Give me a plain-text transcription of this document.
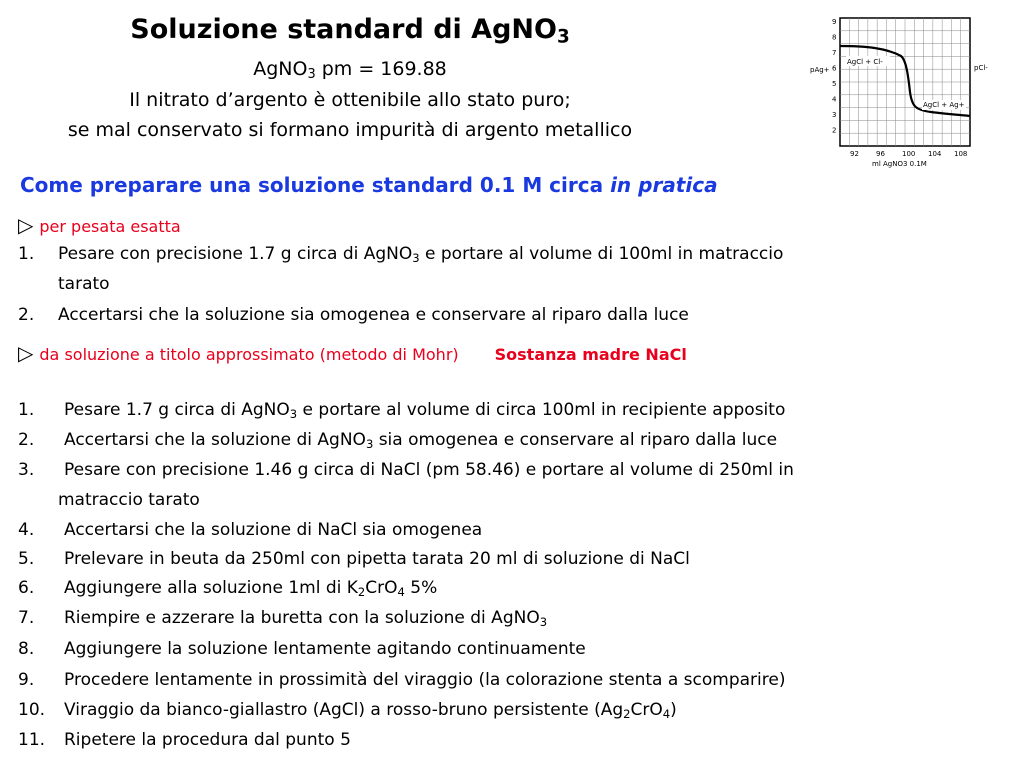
Soluzione standard di AgNO$_3$
AgNO$_3$ pm = 169.88
Il nitrato d’argento è ottenibile allo stato puro;
se mal conservato si formano impurità di argento metallico
9
8
7
6
5
4
3
2
92 96 100 104 108
AgCl + Cl-
AgCl + Ag+
pAg+	pCl-
ml AgNO3 0.1M
Come preparare una soluzione standard 0.1 M circa in pratica
▷ per pesata esatta
1. Pesare con precisione 1.7 g circa di AgNO$_3$ e portare al volume di 100ml in matraccio
tarato
2. Accertarsi che la soluzione sia omogenea e conservare al riparo dalla luce
▷ da soluzione a titolo approssimato (metodo di Mohr) Sostanza madre NaCl
1. Pesare 1.7 g circa di AgNO$_3$ e portare al volume di circa 100ml in recipiente apposito
2. Accertarsi che la soluzione di AgNO$_3$ sia omogenea e conservare al riparo dalla luce
3. Pesare con precisione 1.46 g circa di NaCl (pm 58.46) e portare al volume di 250ml in
matraccio tarato
4. Accertarsi che la soluzione di NaCl sia omogenea
5. Prelevare in beuta da 250ml con pipetta tarata 20 ml di soluzione di NaCl
6. Aggiungere alla soluzione 1ml di $K_2CrO_4$ 5%
7. Riempire e azzerare la buretta con la soluzione di AgNO$_3$
8. Aggiungere la soluzione lentamente agitando continuamente
9. Procedere lentamente in prossimità del viraggio (la colorazione stenta a scomparire)
10. Viraggio da bianco-giallastro (AgCl) a rosso-bruno persistente $(Ag_2CrO_4)$
11. Ripetere la procedura dal punto 5
